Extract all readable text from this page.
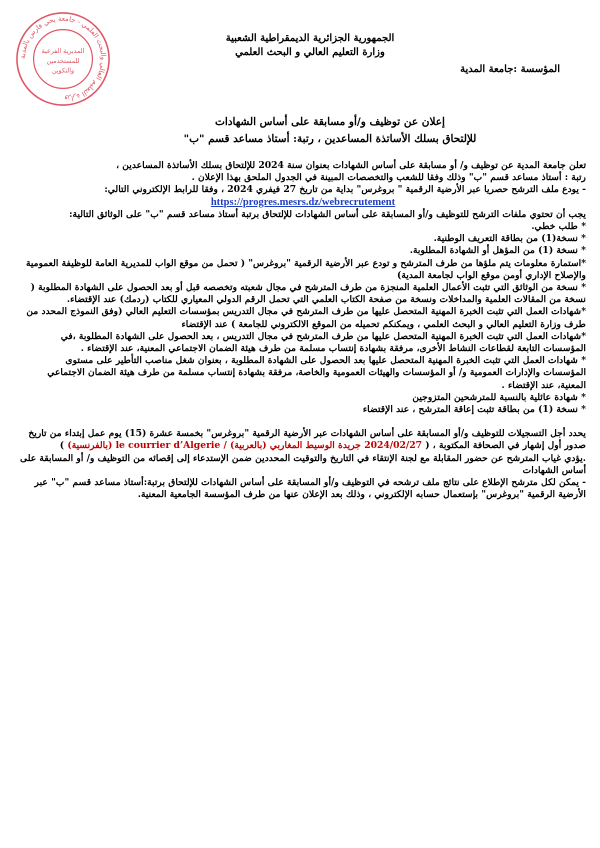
وزارة التعليم العالي والبحث العلمي - جامعة يحي فارس بالمدية
المديرية الفرعية
للمستخدمين
والتكوين
الجمهورية الجزائرية الديمقراطية الشعبية
وزارة التعليم العالي و البحث العلمي
المؤسسة :جامعة المدية
إعلان عن توظيف و/أو مسابقة على أساس الشهادات
للإلتحاق بسلك الأساتذة المساعدين ، رتبة: أستاذ مساعد قسم "ب"

تعلن جامعة المدية عن توظيف و/ أو مسابقة على أساس الشهادات بعنوان سنة 2024 للإلتحاق بسلك الأساتذة المساعدين ،

رتبة : أستاذ مساعد قسم "ب" وذلك وفقا للشعب والتخصصات المبينة في الجدول الملحق بهذا الإعلان .

- يودع ملف الترشح حصريا عبر الأرضية الرقمية " بروغرس" بداية من تاريخ 27 فيفري 2024 ، وفقا للرابط الإلكتروني التالي:

https://progres.mesrs.dz/webrecrutement

يجب أن تحتوي ملفات الترشح للتوظيف و/أو المسابقة على أساس الشهادات للإلتحاق برتبة أستاذ مساعد قسم "ب" على الوثائق التالية:

* طلب خطي.

* نسخة(1) من بطاقة التعريف الوطنية.

* نسخة (1) من المؤهل أو الشهادة المطلوبة.

*استمارة معلومات يتم ملؤها من طرف المترشح و تودع عبر الأرضية الرقمية "بروغرس" ( تحمل من موقع الواب للمديرية العامة للوظيفة العمومية والإصلاح الإداري أومن موقع الواب لجامعة المدية)

* نسخة من الوثائق التي تثبت الأعمال العلمية المنجزة من طرف المترشح في مجال شعبته وتخصصه قبل أو بعد الحصول على الشهادة المطلوبة ( نسخة من المقالات العلمية والمداخلات ونسخة من صفحة الكتاب العلمي التي تحمل الرقم الدولي المعياري للكتاب (ردمك) عند الإقتضاء.

*شهادات العمل التي تثبت الخبرة المهنية المتحصل عليها من طرف المترشح في مجال التدريس بمؤسسات التعليم العالي (وفق النموذج المحدد من طرف وزارة التعليم العالي و البحث العلمي ، ويمكنكم تحميله من الموقع الالكتروني للجامعة ) عند الإقتضاء

*شهادات العمل التي تثبت الخبرة المهنية المتحصل عليها من طرف المترشح في مجال التدريس ، بعد الحصول على الشهادة المطلوبة ،في المؤسسات التابعة لقطاعات النشاط الأخرى، مرفقة بشهادة إنتساب مسلمة من طرف هيئة الضمان الاجتماعي المعنية، عند الإقتضاء .

* شهادات العمل التي تثبت الخبرة المهنية المتحصل عليها بعد الحصول على الشهادة المطلوبة ، بعنوان شغل مناصب التأطير على مستوى المؤسسات والإدارات العمومية و/ أو المؤسسات والهيئات العمومية والخاصة، مرفقة بشهادة إنتساب مسلمة من طرف هيئة الضمان الاجتماعي المعنية، عند الإقتضاء .

* شهادة عائلية بالنسبة للمترشحين المتزوجين

* نسخة (1) من بطاقة تثبت إعاقة المترشح ، عند الإقتضاء

يحدد أجل التسجيلات للتوظيف و/أو المسابقة على أساس الشهادات عبر الأرضية الرقمية "بروغرس" بخمسة عشرة (15) يوم عمل إبتداء من تاريخ صدور أول إشهار في الصحافة المكتوبة ، ( 2024/02/27 جريدة الوسيط المغاربي (بالعربية) / le courrier d’Algerie (بالفرنسية) )

.يؤدي غياب المترشح عن حضور المقابلة مع لجنة الإنتقاء في التاريخ والتوقيت المحددين ضمن الإستدعاء إلى إقصائه من التوظيف و/ أو المسابقة على أساس الشهادات

- يمكن لكل مترشح الإطلاع على نتائج ملف ترشحه في التوظيف و/أو المسابقة على أساس الشهادات للإلتحاق برتبة:أستاذ مساعد قسم "ب" عبر الأرضية الرقمية "بروغرس" بإستعمال حسابه الإلكتروني ، وذلك بعد الإعلان عنها من طرف المؤسسة الجامعية المعنية.
